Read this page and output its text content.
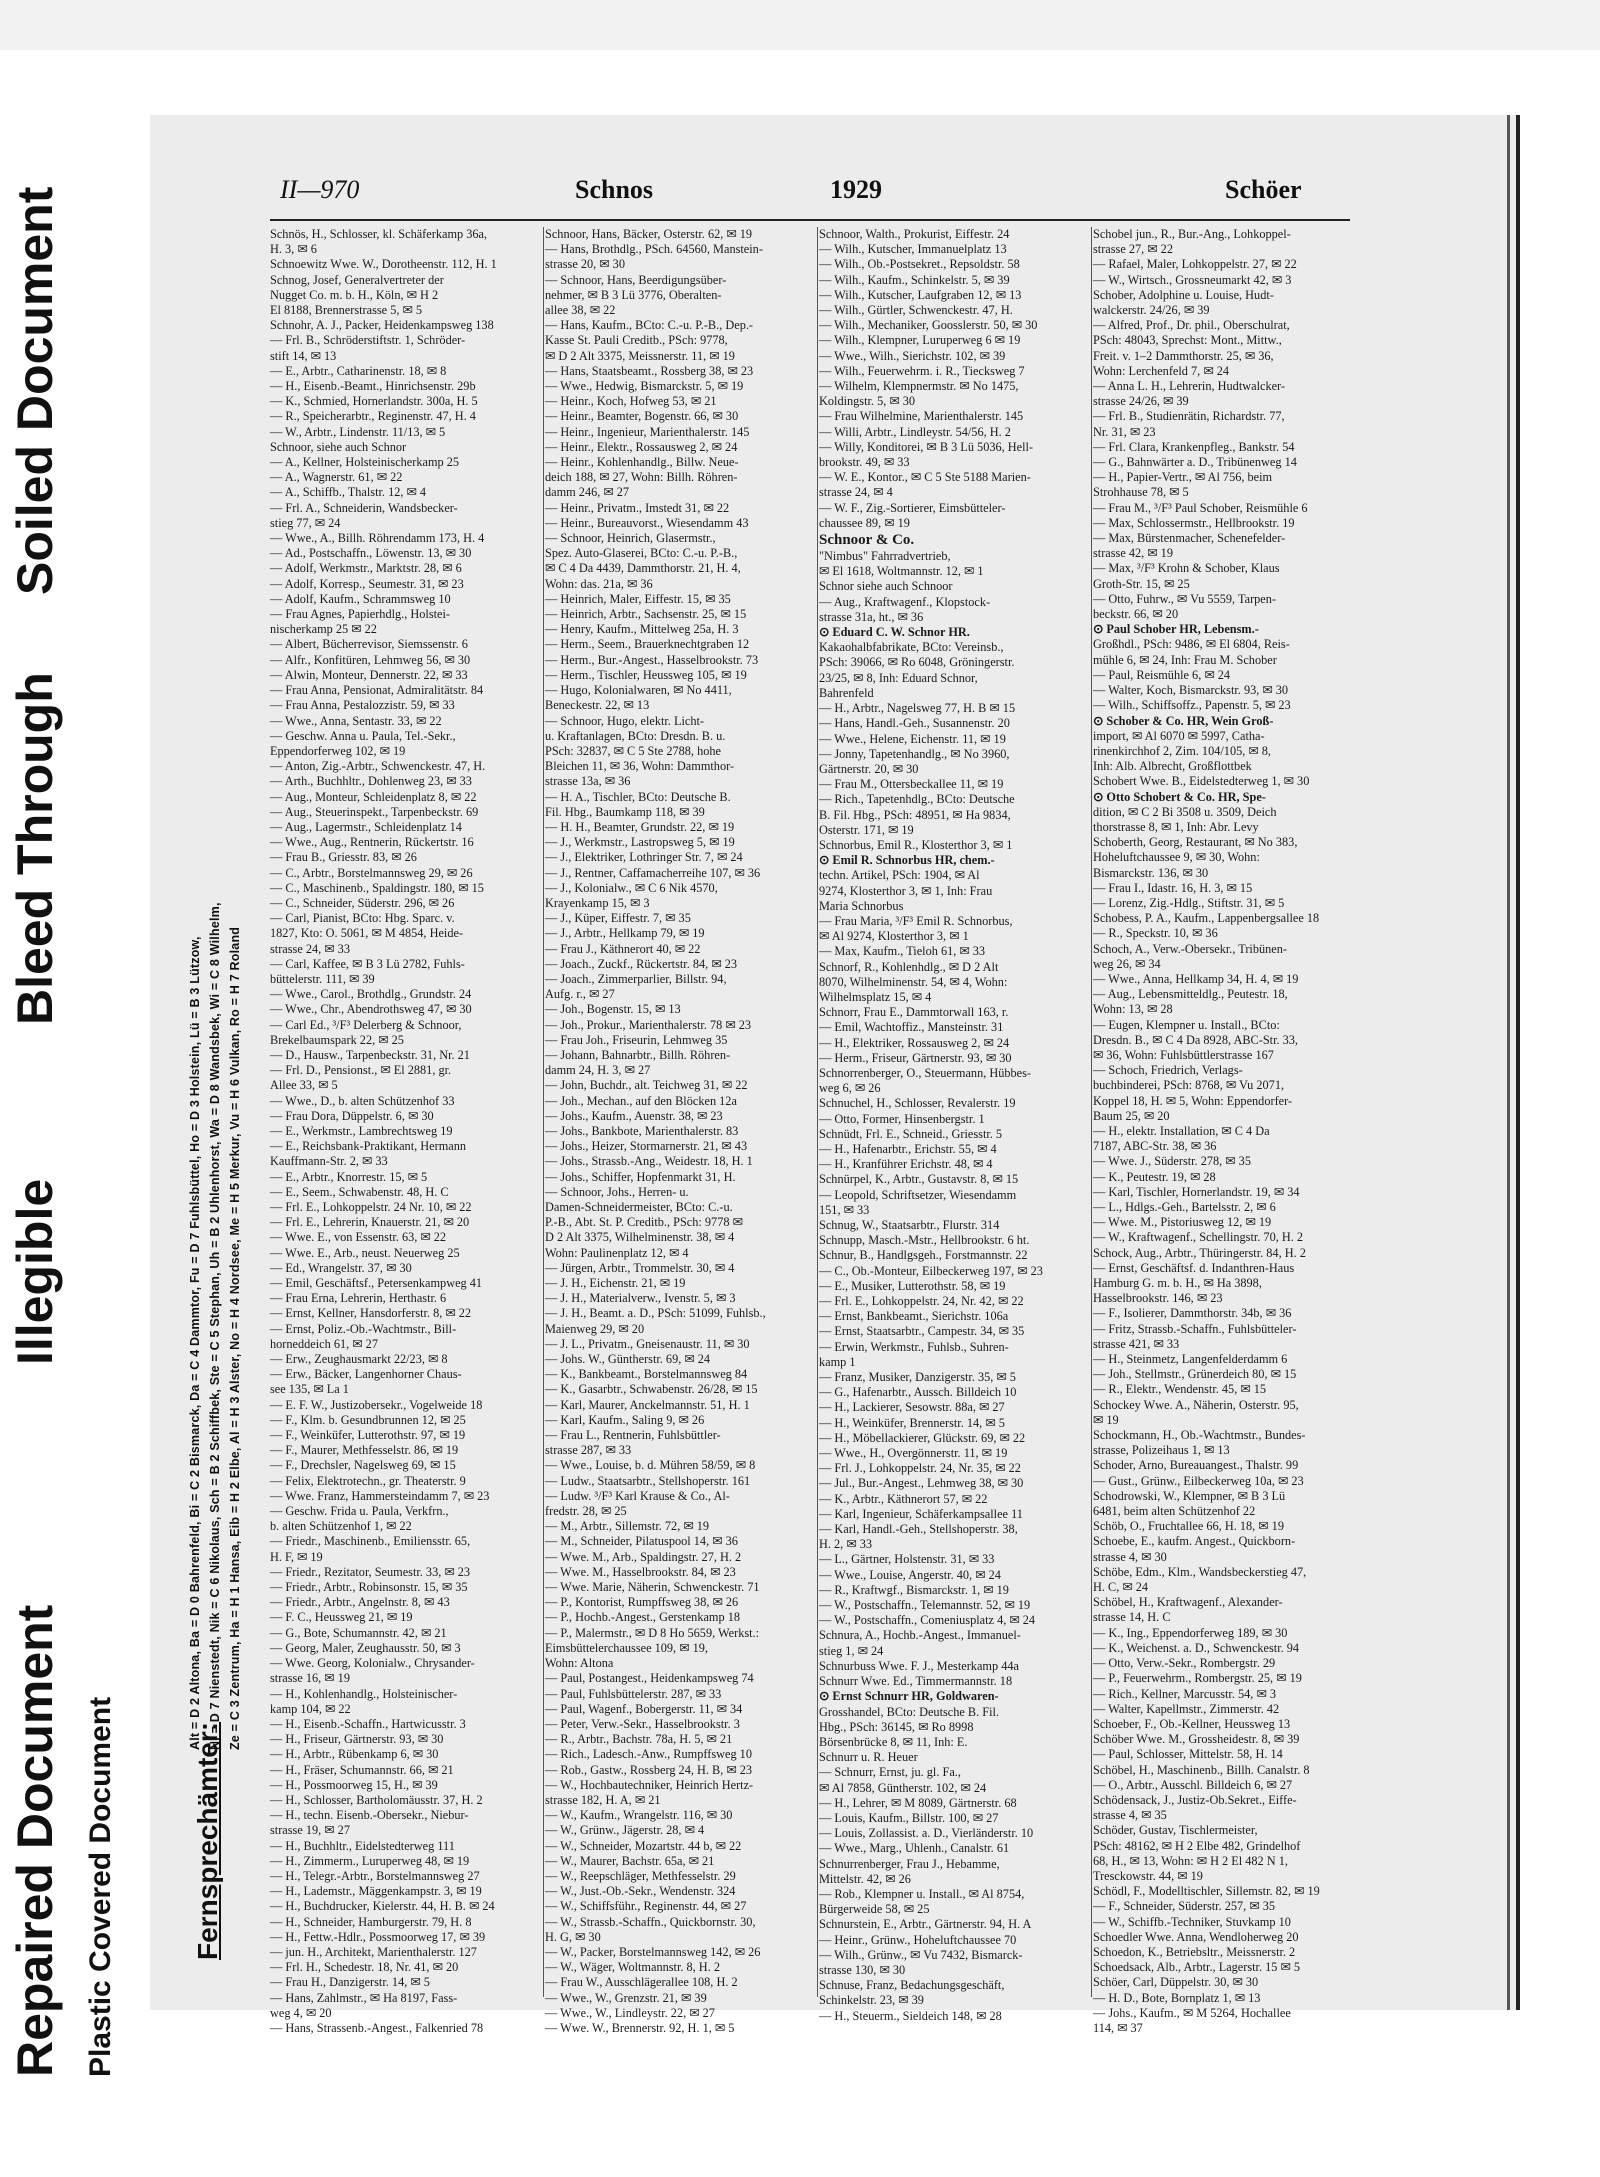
Repaired Document
Illegible
Bleed Through
Soiled Document
Plastic Covered Document
II—970	Schnos	1929	Schöer
Fernsprechämter:
Alt = D 2 Altona, Ba = D 0 Bahrenfeld, Bi = C 2 Bismarck, Da = C 4 Dammtor, Fu = D 7 Fuhlsbüttel, Ho = D 3 Holstein, Lü = B 3 Lützow, Ni = D 7 Nienstedt, Nik = C 6 Nikolaus, Sch = B 2 Schiffbek, Ste = C 5 Stephan, Uh = B 2 Uhlenhorst, Wa = D 8 Wandsbek, Wi = C 8 Wilhelm, Ze = C 3 Zentrum, Ha = H 1 Hansa, Eib = H 2 Elbe, Al = H 3 Alster, No = H 4 Nordsee, Me = H 5 Merkur, Vu = H 6 Vulkan, Ro = H 7 Roland
Schnös, H., Schlosser, kl. Schäferkamp 36a,
H. 3, ✉ 6
Schnoewitz Wwe. W., Dorotheenstr. 112, H. 1
Schnog, Josef, Generalvertreter der
Nugget Co. m. b. H., Köln, ✉ H 2
El 8188, Brennerstrasse 5, ✉ 5
Schnohr, A. J., Packer, Heidenkampsweg 138
— Frl. B., Schröderstiftstr. 1, Schröder-
stift 14, ✉ 13
— E., Arbtr., Catharinenstr. 18, ✉ 8
— H., Eisenb.-Beamt., Hinrichsenstr. 29b
— K., Schmied, Hornerlandstr. 300a, H. 5
— R., Speicherarbtr., Reginenstr. 47, H. 4
— W., Arbtr., Lindenstr. 11/13, ✉ 5
Schnoor, siehe auch Schnor
— A., Kellner, Holsteinischerkamp 25
— A., Wagnerstr. 61, ✉ 22
— A., Schiffb., Thalstr. 12, ✉ 4
— Frl. A., Schneiderin, Wandsbecker-
stieg 77, ✉ 24
— Wwe., A., Billh. Röhrendamm 173, H. 4
— Ad., Postschaffn., Löwenstr. 13, ✉ 30
— Adolf, Werkmstr., Marktstr. 28, ✉ 6
— Adolf, Korresp., Seumestr. 31, ✉ 23
— Adolf, Kaufm., Schrammsweg 10
— Frau Agnes, Papierhdlg., Holstei-
nischerkamp 25 ✉ 22
— Albert, Bücherrevisor, Siemssenstr. 6
— Alfr., Konfitüren, Lehmweg 56, ✉ 30
— Alwin, Monteur, Dennerstr. 22, ✉ 33
— Frau Anna, Pensionat, Admiralitätstr. 84
— Frau Anna, Pestalozzistr. 59, ✉ 33
— Wwe., Anna, Sentastr. 33, ✉ 22
— Geschw. Anna u. Paula, Tel.-Sekr.,
Eppendorferweg 102, ✉ 19
— Anton, Zig.-Arbtr., Schwenckestr. 47, H.
— Arth., Buchhltr., Dohlenweg 23, ✉ 33
— Aug., Monteur, Schleidenplatz 8, ✉ 22
— Aug., Steuerinspekt., Tarpenbeckstr. 69
— Aug., Lagermstr., Schleidenplatz 14
— Wwe., Aug., Rentnerin, Rückertstr. 16
— Frau B., Griesstr. 83, ✉ 26
— C., Arbtr., Borstelmannsweg 29, ✉ 26
— C., Maschinenb., Spaldingstr. 180, ✉ 15
— C., Schneider, Süderstr. 296, ✉ 26
— Carl, Pianist, BCto: Hbg. Sparc. v.
1827, Kto: O. 5061, ✉ M 4854, Heide-
strasse 24, ✉ 33
— Carl, Kaffee, ✉ B 3 Lü 2782, Fuhls-
büttelerstr. 111, ✉ 39
— Wwe., Carol., Brothdlg., Grundstr. 24
— Wwe., Chr., Abendrothsweg 47, ✉ 30
— Carl Ed., ³/F³ Delerberg & Schnoor,
Brekelbaumspark 22, ✉ 25
— D., Hausw., Tarpenbeckstr. 31, Nr. 21
— Frl. D., Pensionst., ✉ El 2881, gr.
Allee 33, ✉ 5
— Wwe., D., b. alten Schützenhof 33
— Frau Dora, Düppelstr. 6, ✉ 30
— E., Werkmstr., Lambrechtsweg 19
— E., Reichsbank-Praktikant, Hermann
Kauffmann-Str. 2, ✉ 33
— E., Arbtr., Knorrestr. 15, ✉ 5
— E., Seem., Schwabenstr. 48, H. C
— Frl. E., Lohkoppelstr. 24 Nr. 10, ✉ 22
— Frl. E., Lehrerin, Knauerstr. 21, ✉ 20
— Wwe. E., von Essenstr. 63, ✉ 22
— Wwe. E., Arb., neust. Neuerweg 25
— Ed., Wrangelstr. 37, ✉ 30
— Emil, Geschäftsf., Petersenkampweg 41
— Frau Erna, Lehrerin, Herthastr. 6
— Ernst, Kellner, Hansdorferstr. 8, ✉ 22
— Ernst, Poliz.-Ob.-Wachtmstr., Bill-
horneddeich 61, ✉ 27
— Erw., Zeughausmarkt 22/23, ✉ 8
— Erw., Bäcker, Langenhorner Chaus-
see 135, ✉ La 1
— E. F. W., Justizobersekr., Vogelweide 18
— F., Klm. b. Gesundbrunnen 12, ✉ 25
— F., Weinküfer, Lutterothstr. 97, ✉ 19
— F., Maurer, Methfesselstr. 86, ✉ 19
— F., Drechsler, Nagelsweg 69, ✉ 15
— Felix, Elektrotechn., gr. Theaterstr. 9
— Wwe. Franz, Hammersteindamm 7, ✉ 23
— Geschw. Frida u. Paula, Verkfrn.,
b. alten Schützenhof 1, ✉ 22
— Friedr., Maschinenb., Emiliensstr. 65,
H. F, ✉ 19
— Friedr., Rezitator, Seumestr. 33, ✉ 23
— Friedr., Arbtr., Robinsonstr. 15, ✉ 35
— Friedr., Arbtr., Angelnstr. 8, ✉ 43
— F. C., Heussweg 21, ✉ 19
— G., Bote, Schumannstr. 42, ✉ 21
— Georg, Maler, Zeughausstr. 50, ✉ 3
— Wwe. Georg, Kolonialw., Chrysander-
strasse 16, ✉ 19
— H., Kohlenhandlg., Holsteinischer-
kamp 104, ✉ 22
— H., Eisenb.-Schaffn., Hartwicusstr. 3
— H., Friseur, Gärtnerstr. 93, ✉ 30
— H., Arbtr., Rübenkamp 6, ✉ 30
— H., Fräser, Schumannstr. 66, ✉ 21
— H., Possmoorweg 15, H., ✉ 39
— H., Schlosser, Bartholomäusstr. 37, H. 2
— H., techn. Eisenb.-Obersekr., Niebur-
strasse 19, ✉ 27
— H., Buchhltr., Eidelstedterweg 111
— H., Zimmerm., Luruperweg 48, ✉ 19
— H., Telegr.-Arbtr., Borstelmannsweg 27
— H., Lademstr., Mäggenkampstr. 3, ✉ 19
— H., Buchdrucker, Kielerstr. 44, H. B. ✉ 24
— H., Schneider, Hamburgerstr. 79, H. 8
— H., Fettw.-Hdlr., Possmoorweg 17, ✉ 39
— jun. H., Architekt, Marienthalerstr. 127
— Frl. H., Schedestr. 18, Nr. 41, ✉ 20
— Frau H., Danzigerstr. 14, ✉ 5
— Hans, Zahlmstr., ✉ Ha 8197, Fass-
weg 4, ✉ 20
— Hans, Strassenb.-Angest., Falkenried 78
Schnoor, Hans, Bäcker, Osterstr. 62, ✉ 19
— Hans, Brothdlg., PSch. 64560, Manstein-
strasse 20, ✉ 30
— Schnoor, Hans, Beerdigungsüber-
nehmer, ✉ B 3 Lü 3776, Oberalten-
allee 38, ✉ 22
— Hans, Kaufm., BCto: C.-u. P.-B., Dep.-
Kasse St. Pauli Creditb., PSch: 9778,
✉ D 2 Alt 3375, Meissnerstr. 11, ✉ 19
— Hans, Staatsbeamt., Rossberg 38, ✉ 23
— Wwe., Hedwig, Bismarckstr. 5, ✉ 19
— Heinr., Koch, Hofweg 53, ✉ 21
— Heinr., Beamter, Bogenstr. 66, ✉ 30
— Heinr., Ingenieur, Marienthalerstr. 145
— Heinr., Elektr., Rossausweg 2, ✉ 24
— Heinr., Kohlenhandlg., Billw. Neue-
deich 188, ✉ 27, Wohn: Billh. Röhren-
damm 246, ✉ 27
— Heinr., Privatm., Imstedt 31, ✉ 22
— Heinr., Bureauvorst., Wiesendamm 43
— Schnoor, Heinrich, Glasermstr.,
Spez. Auto-Glaserei, BCto: C.-u. P.-B.,
✉ C 4 Da 4439, Dammthorstr. 21, H. 4,
Wohn: das. 21a, ✉ 36
— Heinrich, Maler, Eiffestr. 15, ✉ 35
— Heinrich, Arbtr., Sachsenstr. 25, ✉ 15
— Henry, Kaufm., Mittelweg 25a, H. 3
— Herm., Seem., Brauerknechtgraben 12
— Herm., Bur.-Angest., Hasselbrookstr. 73
— Herm., Tischler, Heussweg 105, ✉ 19
— Hugo, Kolonialwaren, ✉ No 4411,
Beneckestr. 22, ✉ 13
— Schnoor, Hugo, elektr. Licht-
u. Kraftanlagen, BCto: Dresdn. B. u.
PSch: 32837, ✉ C 5 Ste 2788, hohe
Bleichen 11, ✉ 36, Wohn: Dammthor-
strasse 13a, ✉ 36
— H. A., Tischler, BCto: Deutsche B.
Fil. Hbg., Baumkamp 118, ✉ 39
— H. H., Beamter, Grundstr. 22, ✉ 19
— J., Werkmstr., Lastropsweg 5, ✉ 19
— J., Elektriker, Lothringer Str. 7, ✉ 24
— J., Rentner, Caffamacherreihe 107, ✉ 36
— J., Kolonialw., ✉ C 6 Nik 4570,
Krayenkamp 15, ✉ 3
— J., Küper, Eiffestr. 7, ✉ 35
— J., Arbtr., Hellkamp 79, ✉ 19
— Frau J., Käthnerort 40, ✉ 22
— Joach., Zuckf., Rückertstr. 84, ✉ 23
— Joach., Zimmerparlier, Billstr. 94,
Aufg. r., ✉ 27
— Joh., Bogenstr. 15, ✉ 13
— Joh., Prokur., Marienthalerstr. 78 ✉ 23
— Frau Joh., Friseurin, Lehmweg 35
— Johann, Bahnarbtr., Billh. Röhren-
damm 24, H. 3, ✉ 27
— John, Buchdr., alt. Teichweg 31, ✉ 22
— Joh., Mechan., auf den Blöcken 12a
— Johs., Kaufm., Auenstr. 38, ✉ 23
— Johs., Bankbote, Marienthalerstr. 83
— Johs., Heizer, Stormarnerstr. 21, ✉ 43
— Johs., Strassb.-Ang., Weidestr. 18, H. 1
— Johs., Schiffer, Hopfenmarkt 31, H.
— Schnoor, Johs., Herren- u.
Damen-Schneidermeister, BCto: C.-u.
P.-B., Abt. St. P. Creditb., PSch: 9778 ✉
D 2 Alt 3375, Wilhelminenstr. 38, ✉ 4
Wohn: Paulinenplatz 12, ✉ 4
— Jürgen, Arbtr., Trommelstr. 30, ✉ 4
— J. H., Eichenstr. 21, ✉ 19
— J. H., Materialverw., Ivenstr. 5, ✉ 3
— J. H., Beamt. a. D., PSch: 51099, Fuhlsb.,
Maienweg 29, ✉ 20
— J. L., Privatm., Gneisenaustr. 11, ✉ 30
— Johs. W., Güntherstr. 69, ✉ 24
— K., Bankbeamt., Borstelmannsweg 84
— K., Gasarbtr., Schwabenstr. 26/28, ✉ 15
— Karl, Maurer, Anckelmannstr. 51, H. 1
— Karl, Kaufm., Saling 9, ✉ 26
— Frau L., Rentnerin, Fuhlsbüttler-
strasse 287, ✉ 33
— Wwe., Louise, b. d. Mühren 58/59, ✉ 8
— Ludw., Staatsarbtr., Stellshoperstr. 161
— Ludw. ³/F³ Karl Krause & Co., Al-
fredstr. 28, ✉ 25
— M., Arbtr., Sillemstr. 72, ✉ 19
— M., Schneider, Pilatuspool 14, ✉ 36
— Wwe. M., Arb., Spaldingstr. 27, H. 2
— Wwe. M., Hasselbrookstr. 84, ✉ 23
— Wwe. Marie, Näherin, Schwenckestr. 71
— P., Kontorist, Rumpffsweg 38, ✉ 26
— P., Hochb.-Angest., Gerstenkamp 18
— P., Malermstr., ✉ D 8 Ho 5659, Werkst.:
Eimsbüttelerchaussee 109, ✉ 19,
Wohn: Altona
— Paul, Postangest., Heidenkampsweg 74
— Paul, Fuhlsbüttelerstr. 287, ✉ 33
— Paul, Wagenf., Bobergerstr. 11, ✉ 34
— Peter, Verw.-Sekr., Hasselbrookstr. 3
— R., Arbtr., Bachstr. 78a, H. 5, ✉ 21
— Rich., Ladesch.-Anw., Rumpffsweg 10
— Rob., Gastw., Rossberg 24, H. B, ✉ 23
— W., Hochbautechniker, Heinrich Hertz-
strasse 182, H. A, ✉ 21
— W., Kaufm., Wrangelstr. 116, ✉ 30
— W., Grünw., Jägerstr. 28, ✉ 4
— W., Schneider, Mozartstr. 44 b, ✉ 22
— W., Maurer, Bachstr. 65a, ✉ 21
— W., Reepschläger, Methfesselstr. 29
— W., Just.-Ob.-Sekr., Wendenstr. 324
— W., Schiffsführ., Reginenstr. 44, ✉ 27
— W., Strassb.-Schaffn., Quickbornstr. 30,
H. G, ✉ 30
— W., Packer, Borstelmannsweg 142, ✉ 26
— W., Wäger, Woltmannstr. 8, H. 2
— Frau W., Ausschlägerallee 108, H. 2
— Wwe., W., Grenzstr. 21, ✉ 39
— Wwe., W., Lindleystr. 22, ✉ 27
— Wwe. W., Brennerstr. 92, H. 1, ✉ 5
Schnoor, Walth., Prokurist, Eiffestr. 24
— Wilh., Kutscher, Immanuelplatz 13
— Wilh., Ob.-Postsekret., Repsoldstr. 58
— Wilh., Kaufm., Schinkelstr. 5, ✉ 39
— Wilh., Kutscher, Laufgraben 12, ✉ 13
— Wilh., Gürtler, Schwenckestr. 47, H.
— Wilh., Mechaniker, Goosslerstr. 50, ✉ 30
— Wilh., Klempner, Luruperweg 6 ✉ 19
— Wwe., Wilh., Sierichstr. 102, ✉ 39
— Wilh., Feuerwehrm. i. R., Tiecksweg 7
— Wilhelm, Klempnermstr. ✉ No 1475,
Koldingstr. 5, ✉ 30
— Frau Wilhelmine, Marienthalerstr. 145
— Willi, Arbtr., Lindleystr. 54/56, H. 2
— Willy, Konditorei, ✉ B 3 Lü 5036, Hell-
brookstr. 49, ✉ 33
— W. E., Kontor., ✉ C 5 Ste 5188 Marien-
strasse 24, ✉ 4
— W. F., Zig.-Sortierer, Eimsbütteler-
chaussee 89, ✉ 19
Schnoor & Co.
"Nimbus" Fahrradvertrieb,
✉ El 1618, Woltmannstr. 12, ✉ 1
Schnor siehe auch Schnoor
— Aug., Kraftwagenf., Klopstock-
strasse 31a, ht., ✉ 36
⊙ Eduard C. W. Schnor HR.
Kakaohalbfabrikate, BCto: Vereinsb.,
PSch: 39066, ✉ Ro 6048, Gröningerstr.
23/25, ✉ 8, Inh: Eduard Schnor,
Bahrenfeld
— H., Arbtr., Nagelsweg 77, H. B ✉ 15
— Hans, Handl.-Geh., Susannenstr. 20
— Wwe., Helene, Eichenstr. 11, ✉ 19
— Jonny, Tapetenhandlg., ✉ No 3960,
Gärtnerstr. 20, ✉ 30
— Frau M., Ottersbeckallee 11, ✉ 19
— Rich., Tapetenhdlg., BCto: Deutsche
B. Fil. Hbg., PSch: 48951, ✉ Ha 9834,
Osterstr. 171, ✉ 19
Schnorbus, Emil R., Klosterthor 3, ✉ 1
⊙ Emil R. Schnorbus HR, chem.-
techn. Artikel, PSch: 1904, ✉ Al
9274, Klosterthor 3, ✉ 1, Inh: Frau
Maria Schnorbus
— Frau Maria, ³/F³ Emil R. Schnorbus,
✉ Al 9274, Klosterthor 3, ✉ 1
— Max, Kaufm., Tieloh 61, ✉ 33
Schnorf, R., Kohlenhdlg., ✉ D 2 Alt
8070, Wilhelminenstr. 54, ✉ 4, Wohn:
Wilhelmsplatz 15, ✉ 4
Schnorr, Frau E., Dammtorwall 163, r.
— Emil, Wachtoffiz., Mansteinstr. 31
— H., Elektriker, Rossausweg 2, ✉ 24
— Herm., Friseur, Gärtnerstr. 93, ✉ 30
Schnorrenberger, O., Steuermann, Hübbes-
weg 6, ✉ 26
Schnuchel, H., Schlosser, Revalerstr. 19
— Otto, Former, Hinsenbergstr. 1
Schnüdt, Frl. E., Schneid., Griesstr. 5
— H., Hafenarbtr., Erichstr. 55, ✉ 4
— H., Kranführer Erichstr. 48, ✉ 4
Schnürpel, K., Arbtr., Gustavstr. 8, ✉ 15
— Leopold, Schriftsetzer, Wiesendamm
151, ✉ 33
Schnug, W., Staatsarbtr., Flurstr. 314
Schnupp, Masch.-Mstr., Hellbrookstr. 6 ht.
Schnur, B., Handlgsgeh., Forstmannstr. 22
— C., Ob.-Monteur, Eilbeckerweg 197, ✉ 23
— E., Musiker, Lutterothstr. 58, ✉ 19
— Frl. E., Lohkoppelstr. 24, Nr. 42, ✉ 22
— Ernst, Bankbeamt., Sierichstr. 106a
— Ernst, Staatsarbtr., Campestr. 34, ✉ 35
— Erwin, Werkmstr., Fuhlsb., Suhren-
kamp 1
— Franz, Musiker, Danzigerstr. 35, ✉ 5
— G., Hafenarbtr., Aussch. Billdeich 10
— H., Lackierer, Sesowstr. 88a, ✉ 27
— H., Weinküfer, Brennerstr. 14, ✉ 5
— H., Möbellackierer, Glückstr. 69, ✉ 22
— Wwe., H., Overgönnerstr. 11, ✉ 19
— Frl. J., Lohkoppelstr. 24, Nr. 35, ✉ 22
— Jul., Bur.-Angest., Lehmweg 38, ✉ 30
— K., Arbtr., Käthnerort 57, ✉ 22
— Karl, Ingenieur, Schäferkampsallee 11
— Karl, Handl.-Geh., Stellshoperstr. 38,
H. 2, ✉ 33
— L., Gärtner, Holstenstr. 31, ✉ 33
— Wwe., Louise, Angerstr. 40, ✉ 24
— R., Kraftwgf., Bismarckstr. 1, ✉ 19
— W., Postschaffn., Telemannstr. 52, ✉ 19
— W., Postschaffn., Comeniusplatz 4, ✉ 24
Schnura, A., Hochb.-Angest., Immanuel-
stieg 1, ✉ 24
Schnurbuss Wwe. F. J., Mesterkamp 44a
Schnurr Wwe. Ed., Timmermannstr. 18
⊙ Ernst Schnurr HR, Goldwaren-
Grosshandel, BCto: Deutsche B. Fil.
Hbg., PSch: 36145, ✉ Ro 8998
Börsenbrücke 8, ✉ 11, Inh: E.
Schnurr u. R. Heuer
— Schnurr, Ernst, ju. gl. Fa.,
✉ Al 7858, Güntherstr. 102, ✉ 24
— H., Lehrer, ✉ M 8089, Gärtnerstr. 68
— Louis, Kaufm., Billstr. 100, ✉ 27
— Louis, Zollassist. a. D., Vierländerstr. 10
— Wwe., Marg., Uhlenh., Canalstr. 61
Schnurrenberger, Frau J., Hebamme,
Mittelstr. 42, ✉ 26
— Rob., Klempner u. Install., ✉ Al 8754,
Bürgerweide 58, ✉ 25
Schnurstein, E., Arbtr., Gärtnerstr. 94, H. A
— Heinr., Grünw., Hoheluftchaussee 70
— Wilh., Grünw., ✉ Vu 7432, Bismarck-
strasse 130, ✉ 30
Schnuse, Franz, Bedachungsgeschäft,
Schinkelstr. 23, ✉ 39
— H., Steuerm., Sieldeich 148, ✉ 28
Schobel jun., R., Bur.-Ang., Lohkoppel-
strasse 27, ✉ 22
— Rafael, Maler, Lohkoppelstr. 27, ✉ 22
— W., Wirtsch., Grossneumarkt 42, ✉ 3
Schober, Adolphine u. Louise, Hudt-
walckerstr. 24/26, ✉ 39
— Alfred, Prof., Dr. phil., Oberschulrat,
PSch: 48043, Sprechst: Mont., Mittw.,
Freit. v. 1–2 Dammthorstr. 25, ✉ 36,
Wohn: Lerchenfeld 7, ✉ 24
— Anna L. H., Lehrerin, Hudtwalcker-
strasse 24/26, ✉ 39
— Frl. B., Studienrätin, Richardstr. 77,
Nr. 31, ✉ 23
— Frl. Clara, Krankenpfleg., Bankstr. 54
— G., Bahnwärter a. D., Tribünenweg 14
— H., Papier-Vertr., ✉ Al 756, beim
Strohhause 78, ✉ 5
— Frau M., ³/F³ Paul Schober, Reismühle 6
— Max, Schlossermstr., Hellbrookstr. 19
— Max, Bürstenmacher, Schenefelder-
strasse 42, ✉ 19
— Max, ³/F³ Krohn & Schober, Klaus
Groth-Str. 15, ✉ 25
— Otto, Fuhrw., ✉ Vu 5559, Tarpen-
beckstr. 66, ✉ 20
⊙ Paul Schober HR, Lebensm.-
Großhdl., PSch: 9486, ✉ El 6804, Reis-
mühle 6, ✉ 24, Inh: Frau M. Schober
— Paul, Reismühle 6, ✉ 24
— Walter, Koch, Bismarckstr. 93, ✉ 30
— Wilh., Schiffsoffz., Papenstr. 5, ✉ 23
⊙ Schober & Co. HR, Wein Groß-
import, ✉ Al 6070 ✉ 5997, Catha-
rinenkirchhof 2, Zim. 104/105, ✉ 8,
Inh: Alb. Albrecht, Großflottbek
Schobert Wwe. B., Eidelstedterweg 1, ✉ 30
⊙ Otto Schobert & Co. HR, Spe-
dition, ✉ C 2 Bi 3508 u. 3509, Deich
thorstrasse 8, ✉ 1, Inh: Abr. Levy
Schoberth, Georg, Restaurant, ✉ No 383,
Hoheluftchaussee 9, ✉ 30, Wohn:
Bismarckstr. 136, ✉ 30
— Frau I., Idastr. 16, H. 3, ✉ 15
— Lorenz, Zig.-Hdlg., Stiftstr. 31, ✉ 5
Schobess, P. A., Kaufm., Lappenbergsallee 18
— R., Speckstr. 10, ✉ 36
Schoch, A., Verw.-Obersekr., Tribünen-
weg 26, ✉ 34
— Wwe., Anna, Hellkamp 34, H. 4, ✉ 19
— Aug., Lebensmitteldlg., Peutestr. 18,
Wohn: 13, ✉ 28
— Eugen, Klempner u. Install., BCto:
Dresdn. B., ✉ C 4 Da 8928, ABC-Str. 33,
✉ 36, Wohn: Fuhlsbüttlerstrasse 167
— Schoch, Friedrich, Verlags-
buchbinderei, PSch: 8768, ✉ Vu 2071,
Koppel 18, H. ✉ 5, Wohn: Eppendorfer-
Baum 25, ✉ 20
— H., elektr. Installation, ✉ C 4 Da
7187, ABC-Str. 38, ✉ 36
— Wwe. J., Süderstr. 278, ✉ 35
— K., Peutestr. 19, ✉ 28
— Karl, Tischler, Hornerlandstr. 19, ✉ 34
— L., Hdlgs.-Geh., Bartelsstr. 2, ✉ 6
— Wwe. M., Pistoriusweg 12, ✉ 19
— W., Kraftwagenf., Schellingstr. 70, H. 2
Schock, Aug., Arbtr., Thüringerstr. 84, H. 2
— Ernst, Geschäftsf. d. Indanthren-Haus
Hamburg G. m. b. H., ✉ Ha 3898,
Hasselbrookstr. 146, ✉ 23
— F., Isolierer, Dammthorstr. 34b, ✉ 36
— Fritz, Strassb.-Schaffn., Fuhlsbütteler-
strasse 421, ✉ 33
— H., Steinmetz, Langenfelderdamm 6
— Joh., Stellmstr., Grünerdeich 80, ✉ 15
— R., Elektr., Wendenstr. 45, ✉ 15
Schockey Wwe. A., Näherin, Osterstr. 95,
✉ 19
Schockmann, H., Ob.-Wachtmstr., Bundes-
strasse, Polizeihaus 1, ✉ 13
Schoder, Arno, Bureauangest., Thalstr. 99
— Gust., Grünw., Eilbeckerweg 10a, ✉ 23
Schodrowski, W., Klempner, ✉ B 3 Lü
6481, beim alten Schützenhof 22
Schöb, O., Fruchtallee 66, H. 18, ✉ 19
Schoebe, E., kaufm. Angest., Quickborn-
strasse 4, ✉ 30
Schöbe, Edm., Klm., Wandsbeckerstieg 47,
H. C, ✉ 24
Schöbel, H., Kraftwagenf., Alexander-
strasse 14, H. C
— K., Ing., Eppendorferweg 189, ✉ 30
— K., Weichenst. a. D., Schwenckestr. 94
— Otto, Verw.-Sekr., Rombergstr. 29
— P., Feuerwehrm., Rombergstr. 25, ✉ 19
— Rich., Kellner, Marcusstr. 54, ✉ 3
— Walter, Kapellmstr., Zimmerstr. 42
Schoeber, F., Ob.-Kellner, Heussweg 13
Schöber Wwe. M., Grossheidestr. 8, ✉ 39
— Paul, Schlosser, Mittelstr. 58, H. 14
Schöbel, H., Maschinenb., Billh. Canalstr. 8
— O., Arbtr., Ausschl. Billdeich 6, ✉ 27
Schödensack, J., Justiz-Ob.Sekret., Eiffe-
strasse 4, ✉ 35
Schöder, Gustav, Tischlermeister,
PSch: 48162, ✉ H 2 Elbe 482, Grindelhof
68, H., ✉ 13, Wohn: ✉ H 2 El 482 N 1,
Tresckowstr. 44, ✉ 19
Schödl, F., Modelltischler, Sillemstr. 82, ✉ 19
— F., Schneider, Süderstr. 257, ✉ 35
— W., Schiffb.-Techniker, Stuvkamp 10
Schoedler Wwe. Anna, Wendloherweg 20
Schoedon, K., Betriebsltr., Meissnerstr. 2
Schoedsack, Alb., Arbtr., Lagerstr. 15 ✉ 5
Schöer, Carl, Düppelstr. 30, ✉ 30
— H. D., Bote, Bornplatz 1, ✉ 13
— Johs., Kaufm., ✉ M 5264, Hochallee
114, ✉ 37
